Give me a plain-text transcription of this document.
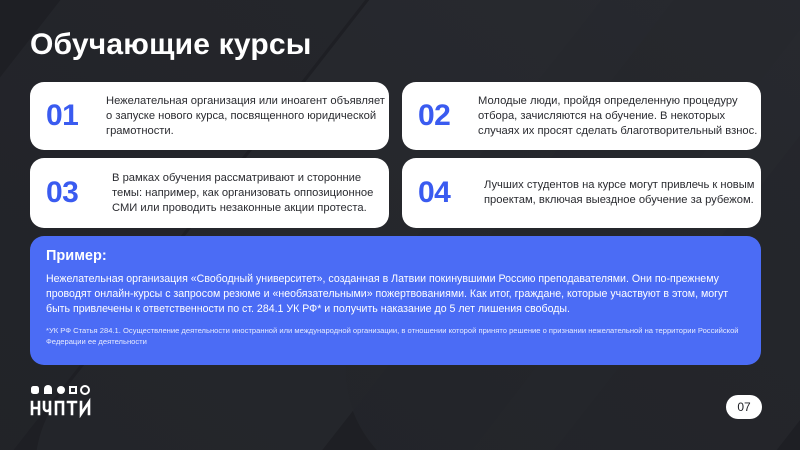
Обучающие курсы
01	Нежелательная организация или иноагент объявляет о запуске нового курса, посвященного юридической грамотности.	02	Молодые люди, пройдя определенную процедуру отбора, зачисляются на обучение. В некоторых случаях их просят сделать благотворительный взнос.
03	В рамках обучения рассматривают и сторонние темы: например, как организовать оппозиционное СМИ или проводить незаконные акции протеста.	04	Лучших студентов на курсе могут привлечь к новым проектам, включая выездное обучение за рубежом.
Пример:
Нежелательная организация «Свободный университет», созданная в Латвии покинувшими Россию преподавателями. Они по-прежнему проводят онлайн-курсы с запросом резюме и «необязательными» пожертвованиями. Как итог, граждане, которые участвуют в этом, могут быть привлечены к ответственности по ст. 284.1 УК РФ* и получить наказание до 5 лет лишения свободы.
*УК РФ Статья 284.1. Осуществление деятельности иностранной или международной организации, в отношении которой принято решение о признании нежелательной на территории Российской Федерации ее деятельности
07
